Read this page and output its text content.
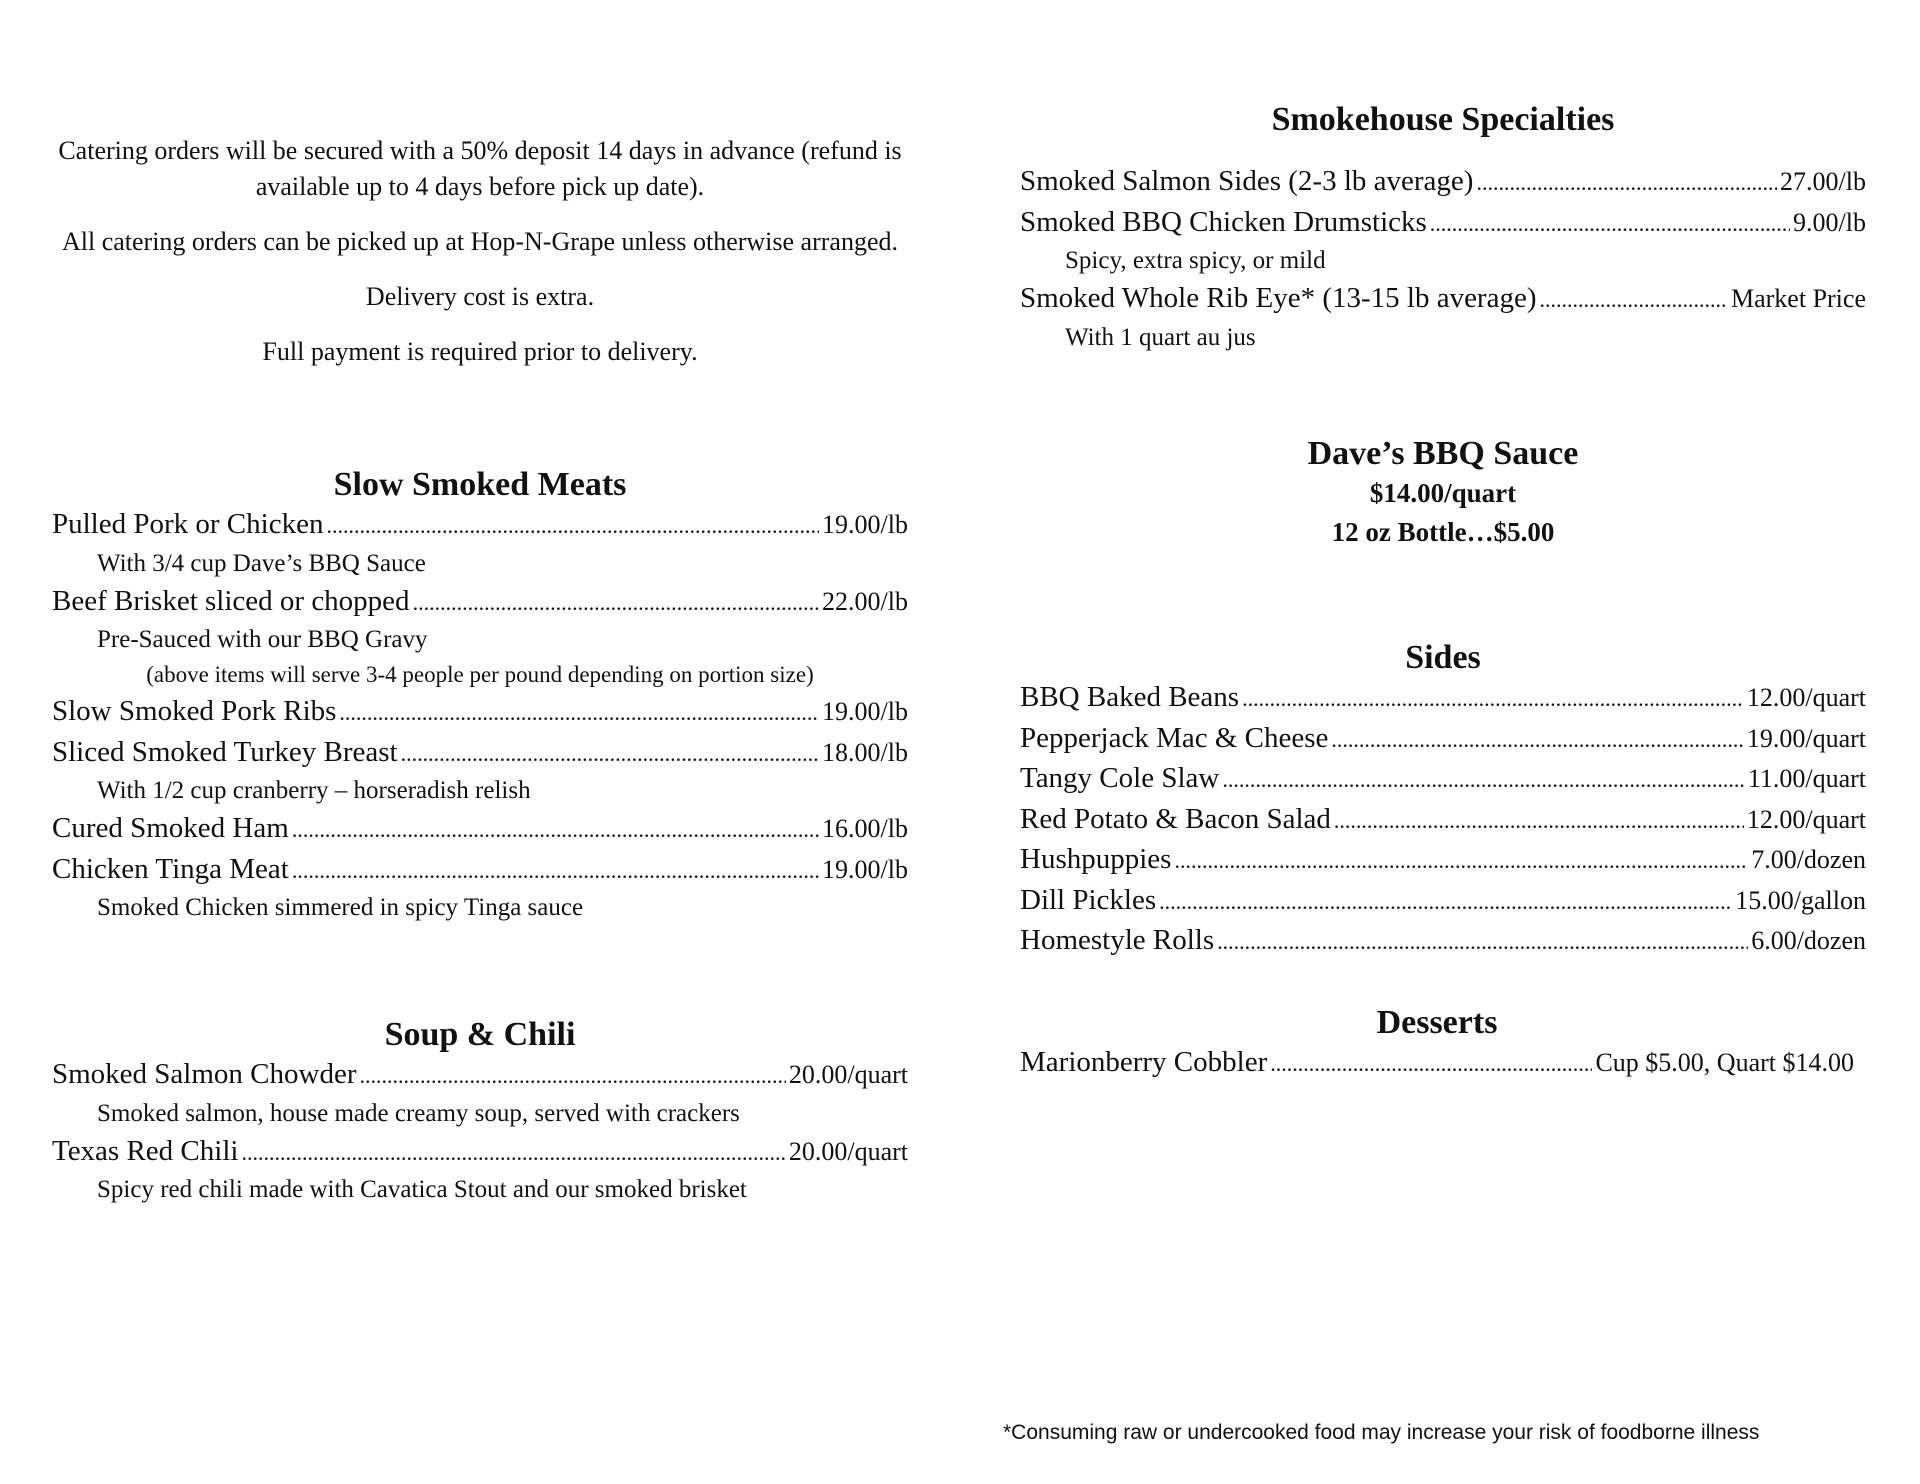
Catering orders will be secured with a 50% deposit 14 days in advance (refund is available up to 4 days before pick up date).

All catering orders can be picked up at Hop-N-Grape unless otherwise arranged.

Delivery cost is extra.

Full payment is required prior to delivery.

Slow Smoked Meats
Pulled Pork or Chicken .....	19.00/lb
With 3/4 cup Dave’s BBQ Sauce
Beef Brisket sliced or chopped .....	22.00/lb
Pre-Sauced with our BBQ Gravy
(above items will serve 3-4 people per pound depending on portion size)
Slow Smoked Pork Ribs .....	19.00/lb
Sliced Smoked Turkey Breast .....	18.00/lb
With 1/2 cup cranberry – horseradish relish
Cured Smoked Ham .....	16.00/lb
Chicken Tinga Meat .....	19.00/lb
Smoked Chicken simmered in spicy Tinga sauce
Soup & Chili
Smoked Salmon Chowder .....	20.00/quart
Smoked salmon, house made creamy soup, served with crackers
Texas Red Chili .....	20.00/quart
Spicy red chili made with Cavatica Stout and our smoked brisket
Smokehouse Specialties
Smoked Salmon Sides (2-3 lb average) .....	27.00/lb
Smoked BBQ Chicken Drumsticks .....	9.00/lb
Spicy, extra spicy, or mild
Smoked Whole Rib Eye* (13-15 lb average) .....	Market Price
With 1 quart au jus
Dave’s BBQ Sauce
$14.00/quart
12 oz Bottle…$5.00
Sides
BBQ Baked Beans .....	12.00/quart
Pepperjack Mac & Cheese .....	19.00/quart
Tangy Cole Slaw .....	11.00/quart
Red Potato & Bacon Salad .....	12.00/quart
Hushpuppies .....	7.00/dozen
Dill Pickles .....	15.00/gallon
Homestyle Rolls .....	6.00/dozen
Desserts
Marionberry Cobbler .....	Cup $5.00, Quart $14.00
*Consuming raw or undercooked food may increase your risk of foodborne illness
